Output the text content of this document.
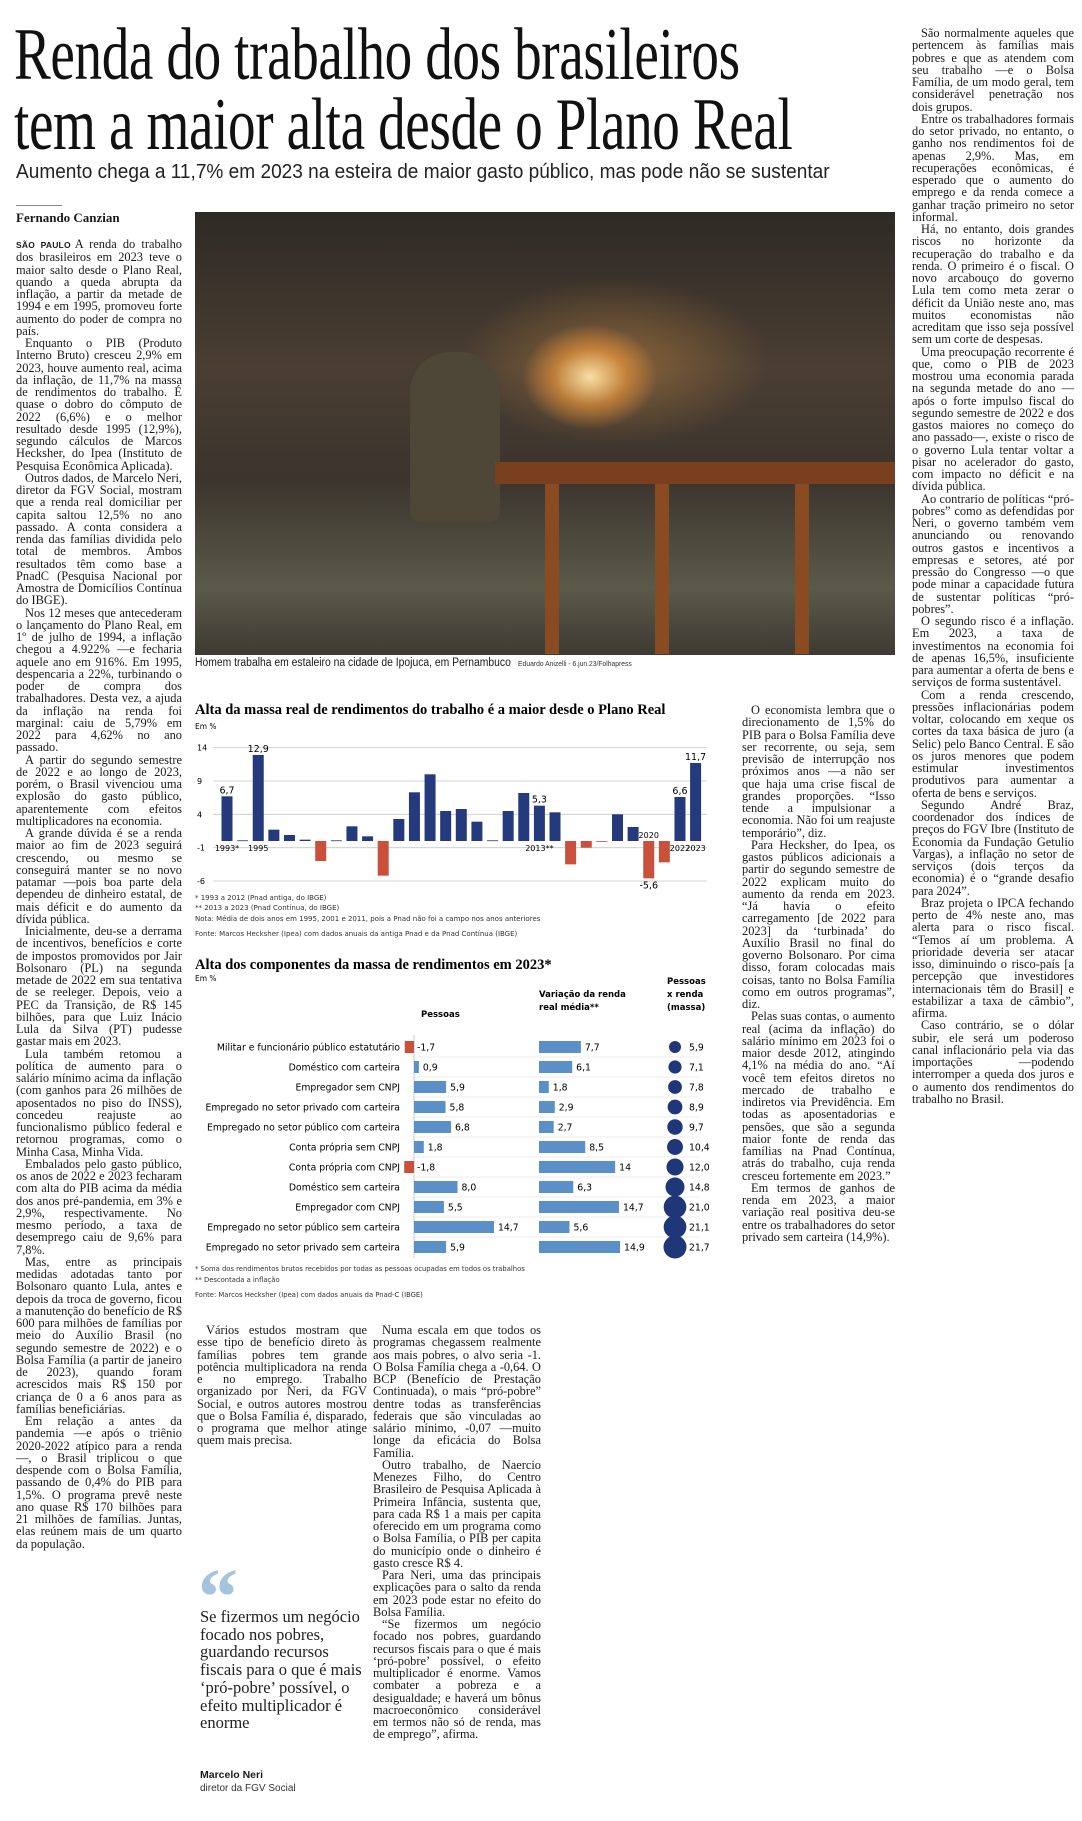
Renda do trabalho dos brasileiros
tem a maior alta desde o Plano Real
Aumento chega a 11,7% em 2023 na esteira de maior gasto público, mas pode não se sustentar
Fernando Canzian

SÃO PAULO A renda do trabalho dos brasileiros em 2023 teve o maior salto desde o Plano Real, quando a queda abrupta da inflação, a partir da metade de 1994 e em 1995, promoveu forte aumento do poder de compra no país.

Enquanto o PIB (Produto Interno Bruto) cresceu 2,9% em 2023, houve aumento real, acima da inflação, de 11,7% na massa de rendimentos do trabalho. É quase o dobro do cômputo de 2022 (6,6%) e o melhor resultado desde 1995 (12,9%), segundo cálculos de Marcos Hecksher, do Ipea (Instituto de Pesquisa Econômica Aplicada).

Outros dados, de Marcelo Neri, diretor da FGV Social, mostram que a renda real domiciliar per capita saltou 12,5% no ano passado. A conta considera a renda das famílias dividida pelo total de membros. Ambos resultados têm como base a PnadC (Pesquisa Nacional por Amostra de Domicílios Contínua do IBGE).

Nos 12 meses que antecederam o lançamento do Plano Real, em 1º de julho de 1994, a inflação chegou a 4.922% —e fecharia aquele ano em 916%. Em 1995, despencaria a 22%, turbinando o poder de compra dos trabalhadores. Desta vez, a ajuda da inflação na renda foi marginal: caiu de 5,79% em 2022 para 4,62% no ano passado.

A partir do segundo semestre de 2022 e ao longo de 2023, porém, o Brasil vivenciou uma explosão do gasto público, aparentemente com efeitos multiplicadores na economia.

A grande dúvida é se a renda maior ao fim de 2023 seguirá crescendo, ou mesmo se conseguirá manter se no novo patamar —pois boa parte dela dependeu de dinheiro estatal, de mais déficit e do aumento da dívida pública.

Inicialmente, deu-se a derrama de incentivos, benefícios e corte de impostos promovidos por Jair Bolsonaro (PL) na segunda metade de 2022 em sua tentativa de se reeleger. Depois, veio a PEC da Transição, de R$ 145 bilhões, para que Luiz Inácio Lula da Silva (PT) pudesse gastar mais em 2023.

Lula também retomou a política de aumento para o salário mínimo acima da inflação (com ganhos para 26 milhões de aposentados no piso do INSS), concedeu reajuste ao funcionalismo público federal e retornou programas, como o Minha Casa, Minha Vida.

Embalados pelo gasto público, os anos de 2022 e 2023 fecharam com alta do PIB acima da média dos anos pré-pandemia, em 3% e 2,9%, respectivamente. No mesmo período, a taxa de desemprego caiu de 9,6% para 7,8%.

Mas, entre as principais medidas adotadas tanto por Bolsonaro quanto Lula, antes e depois da troca de governo, ficou a manutenção do benefício de R$ 600 para milhões de famílias por meio do Auxílio Brasil (no segundo semestre de 2022) e o Bolsa Família (a partir de janeiro de 2023), quando foram acrescidos mais R$ 150 por criança de 0 a 6 anos para as famílias beneficiárias.

Em relação a antes da pandemia —e após o triênio 2020-2022 atípico para a renda—, o Brasil triplicou o que despende com o Bolsa Família, passando de 0,4% do PIB para 1,5%. O programa prevê neste ano quase R$ 170 bilhões para 21 milhões de famílias. Juntas, elas reúnem mais de um quarto da população.

Homem trabalha em estaleiro na cidade de Ipojuca, em Pernambuco Eduardo Anizelli - 6.jun.23/Folhapress
Alta da massa real de rendimentos do trabalho é a maior desde o Plano Real
Em %
14
9
4
-1
-6
6,7
12,9
5,3
-5,6
6,6
11,7
1993* 1995	2013**
2020
2022
2023
* 1993 a 2012 (Pnad antiga, do IBGE)
** 2013 a 2023 (Pnad Contínua, do IBGE)
Nota: Média de dois anos em 1995, 2001 e 2011, pois a Pnad não foi a campo nos anos anteriores
Fonte: Marcos Hecksher (Ipea) com dados anuais da antiga Pnad e da Pnad Contínua (IBGE)
Alta dos componentes da massa de rendimentos em 2023*
Em %
Pessoas
Variação da renda
real média**
Pessoas
x renda
(massa)
Militar e funcionário público estatutário -1,7	7,7	5,9
Doméstico com carteira 0,9	6,1	7,1
Empregador sem CNPJ	5,9	1,8	7,8
Empregado no setor privado com carteira	5,8	2,9	8,9
Empregado no setor público com carteira	6,8	2,7	9,7
Conta própria sem CNPJ	1,8	8,5	10,4
Conta própria com CNPJ -1,8	14	12,0
Doméstico sem carteira	8,0	6,3	14,8
Empregador com CNPJ	5,5	14,7	21,0
Empregado no setor público sem carteira	14,7	5,6	21,1
Empregado no setor privado sem carteira	5,9	14,9	21,7
* Soma dos rendimentos brutos recebidos por todas as pessoas ocupadas em todos os trabalhos
** Descontada a inflação
Fonte: Marcos Hecksher (Ipea) com dados anuais da Pnad-C (IBGE)

O economista lembra que o direcionamento de 1,5% do PIB para o Bolsa Família deve ser recorrente, ou seja, sem previsão de interrupção nos próximos anos —a não ser que haja uma crise fiscal de grandes proporções. “Isso tende a impulsionar a economia. Não foi um reajuste temporário”, diz.

Para Hecksher, do Ipea, os gastos públicos adicionais a partir do segundo semestre de 2022 explicam muito do aumento da renda em 2023. “Já havia o efeito carregamento [de 2022 para 2023] da ‘turbinada’ do Auxílio Brasil no final do governo Bolsonaro. Por cima disso, foram colocadas mais coisas, tanto no Bolsa Família como em outros programas”, diz.

Pelas suas contas, o aumento real (acima da inflação) do salário mínimo em 2023 foi o maior desde 2012, atingindo 4,1% na média do ano. “Aí você tem efeitos diretos no mercado de trabalho e indiretos via Previdência. Em todas as aposentadorias e pensões, que são a segunda maior fonte de renda das famílias na Pnad Contínua, atrás do trabalho, cuja renda cresceu fortemente em 2023.”

Em termos de ganhos de renda em 2023, a maior variação real positiva deu-se entre os trabalhadores do setor privado sem carteira (14,9%).

São normalmente aqueles que pertencem às famílias mais pobres e que as atendem com seu trabalho —e o Bolsa Família, de um modo geral, tem considerável penetração nos dois grupos.

Entre os trabalhadores formais do setor privado, no entanto, o ganho nos rendimentos foi de apenas 2,9%. Mas, em recuperações econômicas, é esperado que o aumento do emprego e da renda comece a ganhar tração primeiro no setor informal.

Há, no entanto, dois grandes riscos no horizonte da recuperação do trabalho e da renda. O primeiro é o fiscal. O novo arcabouço do governo Lula tem como meta zerar o déficit da União neste ano, mas muitos economistas não acreditam que isso seja possível sem um corte de despesas.

Uma preocupação recorrente é que, como o PIB de 2023 mostrou uma economia parada na segunda metade do ano —após o forte impulso fiscal do segundo semestre de 2022 e dos gastos maiores no começo do ano passado—, existe o risco de o governo Lula tentar voltar a pisar no acelerador do gasto, com impacto no déficit e na dívida pública.

Ao contrario de políticas “pró-pobres” como as defendidas por Neri, o governo também vem anunciando ou renovando outros gastos e incentivos a empresas e setores, até por pressão do Congresso —o que pode minar a capacidade futura de sustentar políticas “pró-pobres”.

O segundo risco é a inflação. Em 2023, a taxa de investimentos na economia foi de apenas 16,5%, insuficiente para aumentar a oferta de bens e serviços de forma sustentável.

Com a renda crescendo, pressões inflacionárias podem voltar, colocando em xeque os cortes da taxa básica de juro (a Selic) pelo Banco Central. E são os juros menores que podem estimular investimentos produtivos para aumentar a oferta de bens e serviços.

Segundo André Braz, coordenador dos índices de preços do FGV Ibre (Instituto de Economia da Fundação Getulio Vargas), a inflação no setor de serviços (dois terços da economia) é o “grande desafio para 2024”.

Braz projeta o IPCA fechando perto de 4% neste ano, mas alerta para o risco fiscal. “Temos aí um problema. A prioridade deveria ser atacar isso, diminuindo o risco-país [a percepção que investidores internacionais têm do Brasil] e estabilizar a taxa de câmbio”, afirma.

Caso contrário, se o dólar subir, ele será um poderoso canal inflacionário pela via das importações —podendo interromper a queda dos juros e o aumento dos rendimentos do trabalho no Brasil.

Vários estudos mostram que esse tipo de benefício direto às famílias pobres tem grande potência multiplicadora na renda e no emprego. Trabalho organizado por Neri, da FGV Social, e outros autores mostrou que o Bolsa Família é, disparado, o programa que melhor atinge quem mais precisa.

Numa escala em que todos os programas chegassem realmente aos mais pobres, o alvo seria -1. O Bolsa Família chega a -0,64. O BCP (Benefício de Prestação Continuada), o mais “pró-pobre” dentre todas as transferências federais que são vinculadas ao salário mínimo, -0,07 —muito longe da eficácia do Bolsa Família.

Outro trabalho, de Naercio Menezes Filho, do Centro Brasileiro de Pesquisa Aplicada à Primeira Infância, sustenta que, para cada R$ 1 a mais per capita oferecido em um programa como o Bolsa Família, o PIB per capita do município onde o dinheiro é gasto cresce R$ 4.

Para Neri, uma das principais explicações para o salto da renda em 2023 pode estar no efeito do Bolsa Família.

“Se fizermos um negócio focado nos pobres, guardando recursos fiscais para o que é mais ‘pró-pobre’ possível, o efeito multiplicador é enorme. Vamos combater a pobreza e a desigualdade; e haverá um bônus macroeconômico considerável em termos não só de renda, mas de emprego”, afirma.

“
Se fizermos um negócio focado nos pobres, guardando recursos fiscais para o que é mais ‘pró-pobre’ possível, o efeito multiplicador é enorme
Marcelo Neri
diretor da FGV Social
